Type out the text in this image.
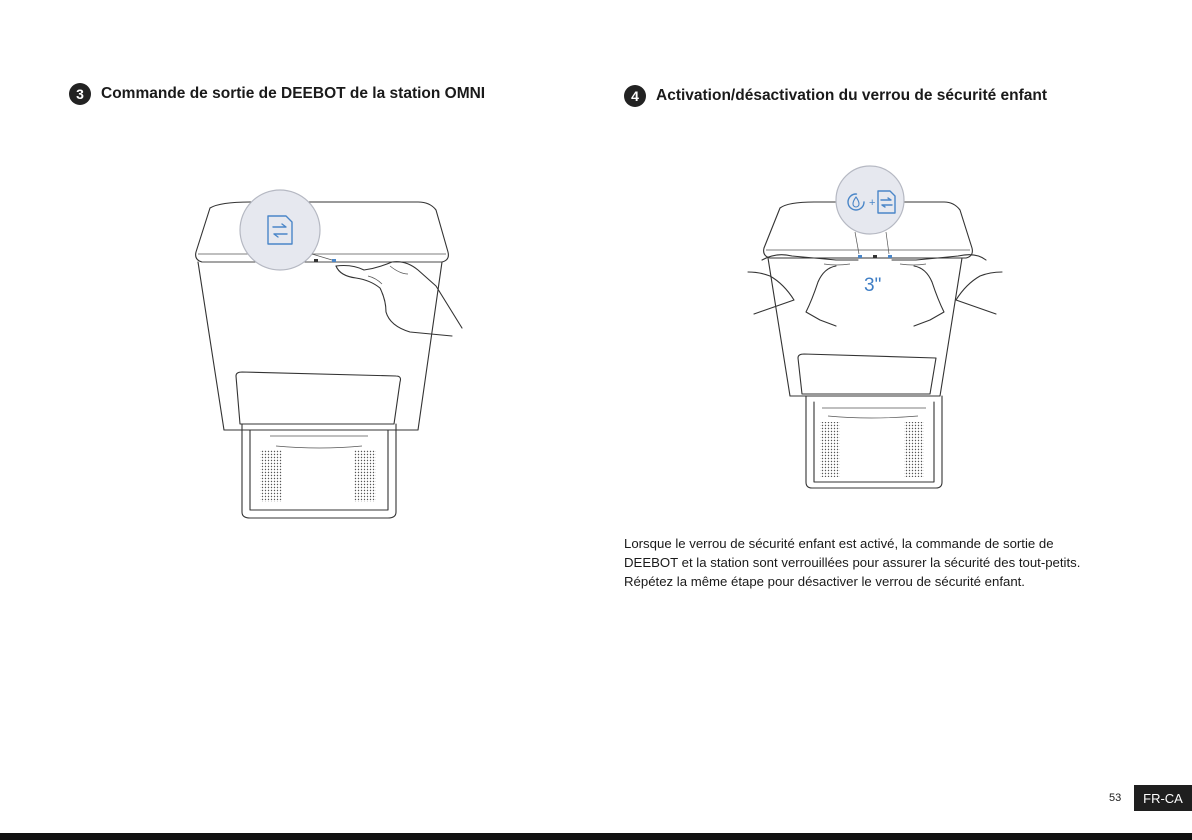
3	Commande de sortie de DEEBOT de la station OMNI	4	Activation/désactivation du verrou de sécurité enfant
+
3"
Lorsque le verrou de sécurité enfant est activé, la commande de sortie de
DEEBOT et la station sont verrouillées pour assurer la sécurité des tout-petits.
Répétez la même étape pour désactiver le verrou de sécurité enfant.
53	FR-CA
